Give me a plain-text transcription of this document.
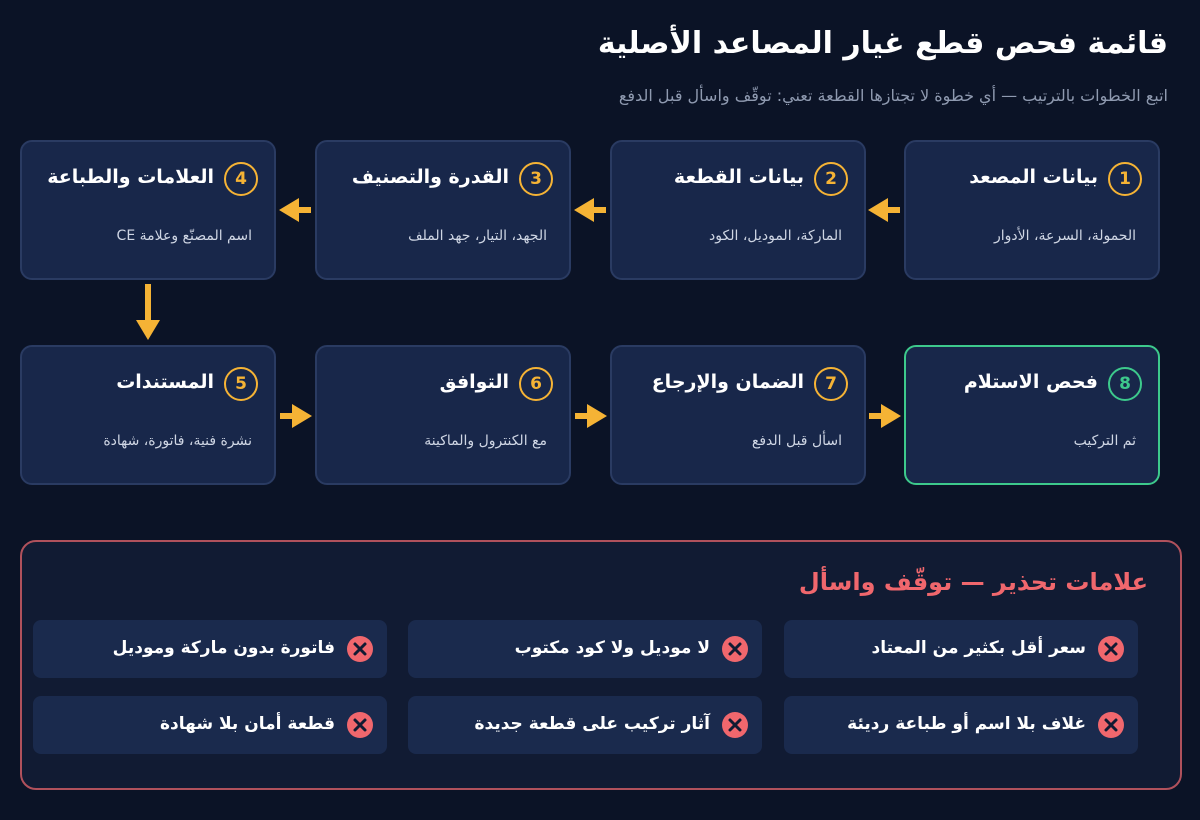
قائمة فحص قطع غيار المصاعد الأصلية
اتبع الخطوات بالترتيب — أي خطوة لا تجتازها القطعة تعني: توقّف واسأل قبل الدفع
1
بيانات المصعد
الحمولة، السرعة، الأدوار
2
بيانات القطعة
الماركة، الموديل، الكود
3
القدرة والتصنيف
الجهد، التيار، جهد الملف
4
العلامات والطباعة
اسم المصنّع وعلامة CE
5
المستندات
نشرة فنية، فاتورة، شهادة
6
التوافق
مع الكنترول والماكينة
7
الضمان والإرجاع
اسأل قبل الدفع
8
فحص الاستلام
ثم التركيب
علامات تحذير — توقّف واسأل
سعر أقل بكثير من المعتاد
لا موديل ولا كود مكتوب
فاتورة بدون ماركة وموديل
غلاف بلا اسم أو طباعة رديئة
آثار تركيب على قطعة جديدة
قطعة أمان بلا شهادة
